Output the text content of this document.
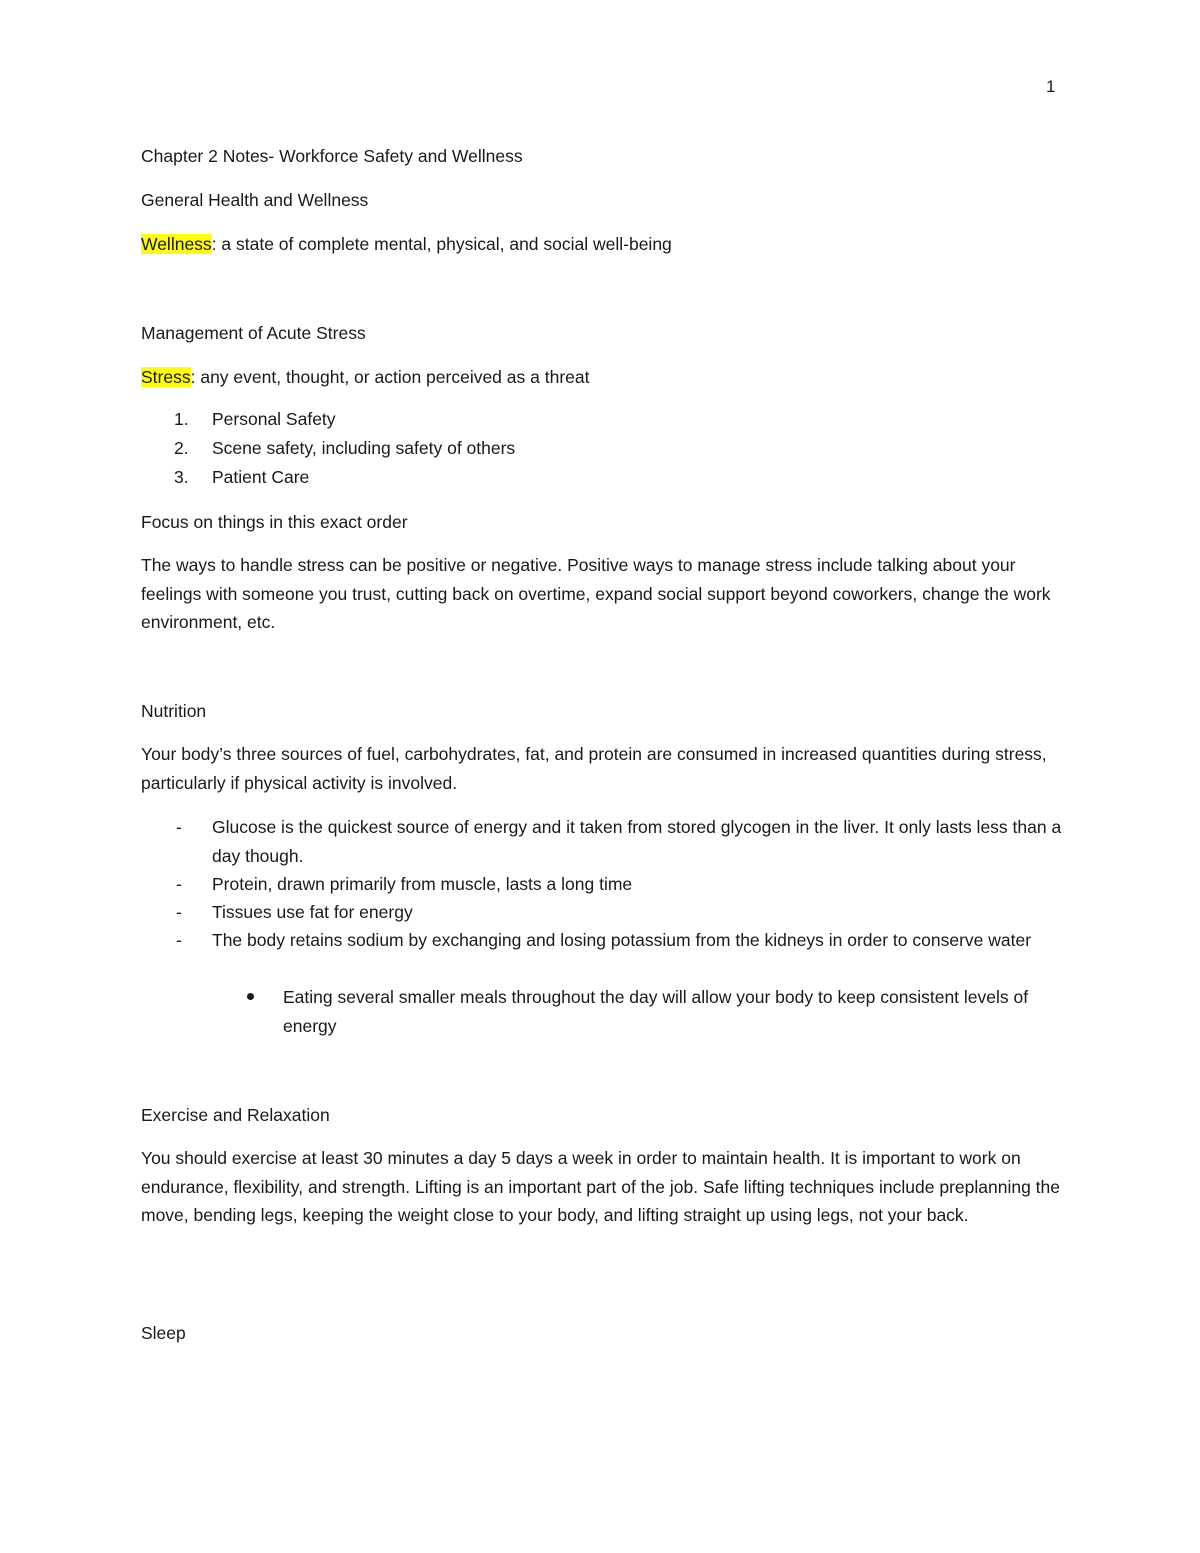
1
Chapter 2 Notes- Workforce Safety and Wellness
General Health and Wellness
Wellness: a state of complete mental, physical, and social well-being
Management of Acute Stress
Stress: any event, thought, or action perceived as a threat
1. Personal Safety
2. Scene safety, including safety of others
3. Patient Care
Focus on things in this exact order
The ways to handle stress can be positive or negative. Positive ways to manage stress include talking about your feelings with someone you trust, cutting back on overtime, expand social support beyond coworkers, change the work environment, etc.
Nutrition
Your body’s three sources of fuel, carbohydrates, fat, and protein are consumed in increased quantities during stress, particularly if physical activity is involved.
- Glucose is the quickest source of energy and it taken from stored glycogen in the liver. It only lasts less than a day though.
- Protein, drawn primarily from muscle, lasts a long time
- Tissues use fat for energy
- The body retains sodium by exchanging and losing potassium from the kidneys in order to conserve water
Eating several smaller meals throughout the day will allow your body to keep consistent levels of energy
Exercise and Relaxation
You should exercise at least 30 minutes a day 5 days a week in order to maintain health. It is important to work on endurance, flexibility, and strength. Lifting is an important part of the job. Safe lifting techniques include preplanning the move, bending legs, keeping the weight close to your body, and lifting straight up using legs, not your back.
Sleep
